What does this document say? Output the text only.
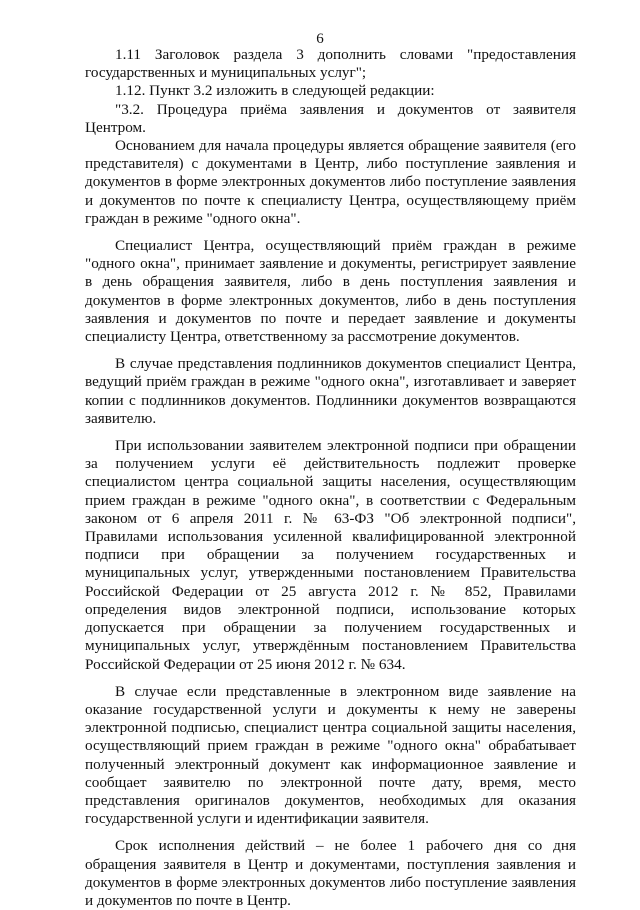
6

1.11 Заголовок раздела 3 дополнить словами "предоставления государственных и муниципальных услуг";

1.12. Пункт 3.2 изложить в следующей редакции:

"3.2. Процедура приёма заявления и документов от заявителя Центром.

Основанием для начала процедуры является обращение заявителя (его представителя) с документами в Центр, либо поступление заявления и документов в форме электронных документов либо поступление заявления и документов по почте к специалисту Центра, осуществляющему приём граждан в режиме "одного окна".

Специалист Центра, осуществляющий приём граждан в режиме "одного окна", принимает заявление и документы, регистрирует заявление в день обращения заявителя, либо в день поступления заявления и документов в форме электронных документов, либо в день поступления заявления и документов по почте и передает заявление и документы специалисту Центра, ответственному за рассмотрение документов.

В случае представления подлинников документов специалист Центра, ведущий приём граждан в режиме "одного окна", изготавливает и заверяет копии с подлинников документов. Подлинники документов возвращаются заявителю.

При использовании заявителем электронной подписи при обращении за получением услуги её действительность подлежит проверке специалистом центра социальной защиты населения, осуществляющим прием граждан в режиме "одного окна", в соответствии с Федеральным законом от 6 апреля 2011 г. № 63-ФЗ "Об электронной подписи", Правилами использования усиленной квалифицированной электронной подписи при обращении за получением государственных и муниципальных услуг, утвержденными постановлением Правительства Российской Федерации от 25 августа 2012 г. № 852, Правилами определения видов электронной подписи, использование которых допускается при обращении за получением государственных и муниципальных услуг, утверждённым постановлением Правительства Российской Федерации от 25 июня 2012 г. № 634.

В случае если представленные в электронном виде заявление на оказание государственной услуги и документы к нему не заверены электронной подписью, специалист центра социальной защиты населения, осуществляющий прием граждан в режиме "одного окна" обрабатывает полученный электронный документ как информационное заявление и сообщает заявителю по электронной почте дату, время, место представления оригиналов документов, необходимых для оказания государственной услуги и идентификации заявителя.

Срок исполнения действий – не более 1 рабочего дня со дня обращения заявителя в Центр и документами, поступления заявления и документов в форме электронных документов либо поступление заявления и документов по почте в Центр.
